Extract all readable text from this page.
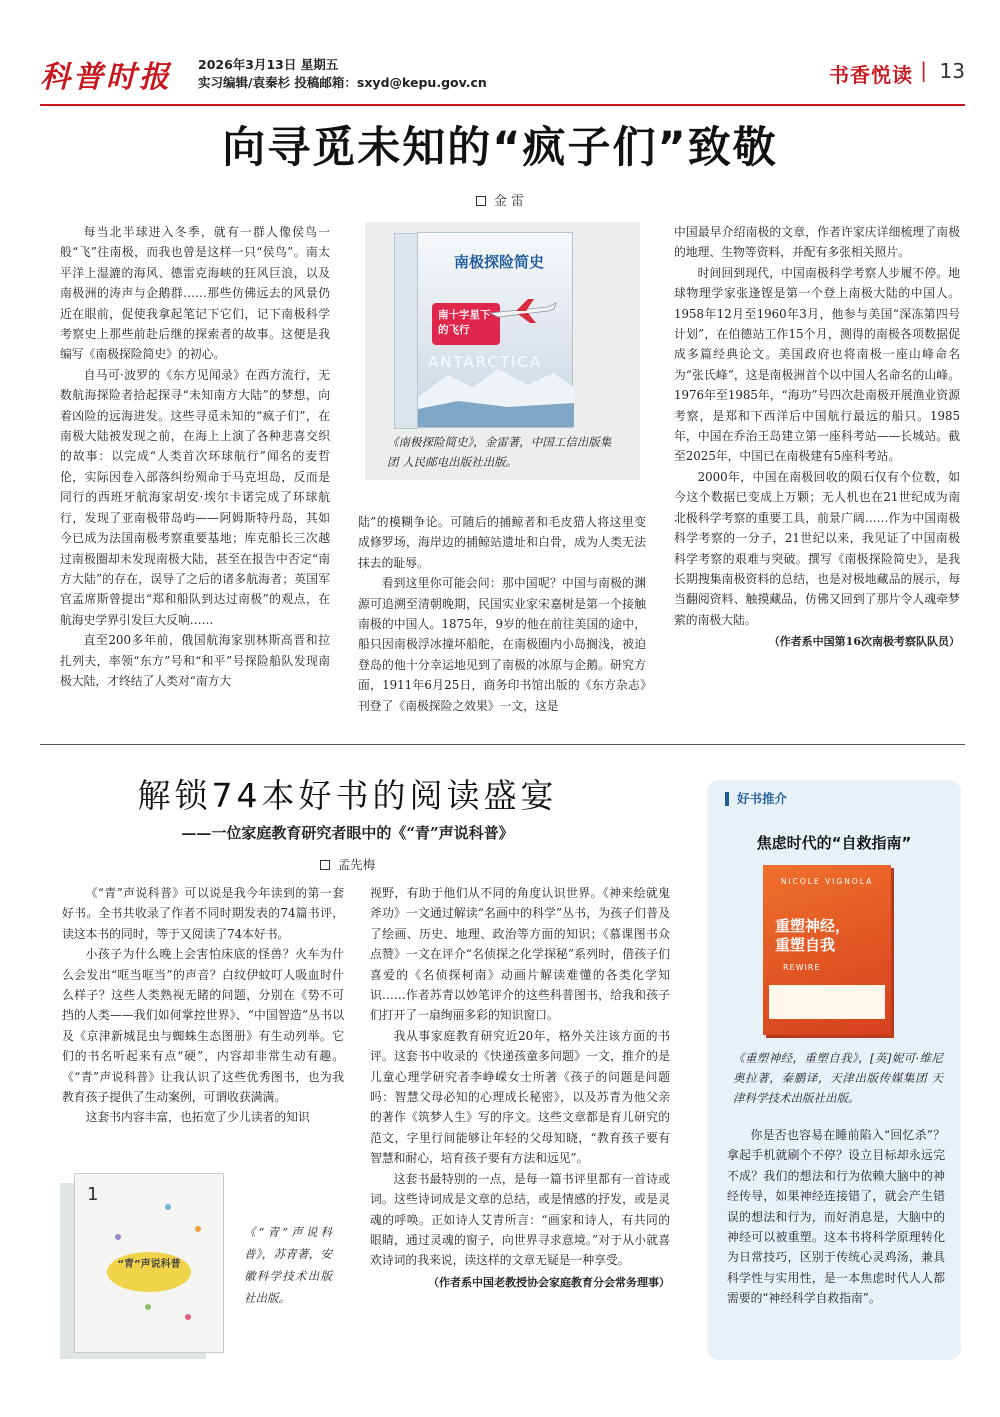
科普时报 2026年3月13日 星期五
实习编辑/袁秦杉 投稿邮箱：sxyd@kepu.gov.cn	书香悦读 | 13
向寻觅未知的“疯子们”致敬
金 雷

每当北半球进入冬季，就有一群人像侯鸟一般“飞”往南极，而我也曾是这样一只“侯鸟”。南太平洋上湿漉的海风、德雷克海峡的狂风巨浪，以及南极洲的涛声与企鹅群……那些仿佛远去的风景仍近在眼前，促使我拿起笔记下它们，记下南极科学考察史上那些前赴后继的探索者的故事。这便是我编写《南极探险简史》的初心。

自马可·波罗的《东方见闻录》在西方流行，无数航海探险者拾起探寻“未知南方大陆”的梦想，向着凶险的远海进发。这些寻觅未知的“疯子们”，在南极大陆被发现之前，在海上上演了各种悲喜交织的故事：以完成“人类首次环球航行”闻名的麦哲伦，实际因卷入部落纠纷殒命于马克坦岛，反而是同行的西班牙航海家胡安·埃尔卡诺完成了环球航行，发现了亚南极带岛屿——阿姆斯特丹岛，其如今已成为法国南极考察重要基地；库克船长三次越过南极圈却未发现南极大陆，甚至在报告中否定“南方大陆”的存在，误导了之后的诸多航海者；英国军官孟席斯曾提出“郑和船队到达过南极”的观点，在航海史学界引发巨大反响……

直至200多年前，俄国航海家别林斯高晋和拉扎列夫，率领“东方”号和“和平”号探险船队发现南极大陆，才终结了人类对“南方大

南极探险简史
南十字星下的飞行
ANTARCTICA
《南极探险简史》，金雷著，中国工信出版集团 人民邮电出版社出版。

陆”的模糊争论。可随后的捕鲸者和毛皮猎人将这里变成修罗场，海岸边的捕鲸站遗址和白骨，成为人类无法抹去的耻辱。

看到这里你可能会问：那中国呢？中国与南极的渊源可追溯至清朝晚期，民国实业家宋嘉树是第一个接触南极的中国人。1875年，9岁的他在前往美国的途中，船只因南极浮冰撞坏船舵，在南极圈内小岛搁浅，被迫登岛的他十分幸运地见到了南极的冰原与企鹅。研究方面，1911年6月25日，商务印书馆出版的《东方杂志》刊登了《南极探险之效果》一文，这是

中国最早介绍南极的文章，作者许家庆详细梳理了南极的地理、生物等资料，并配有多张相关照片。

时间回到现代，中国南极科学考察人步履不停。地球物理学家张逢铿是第一个登上南极大陆的中国人。1958年12月至1960年3月，他参与美国“深冻第四号计划”，在伯德站工作15个月，测得的南极各项数据促成多篇经典论文。美国政府也将南极一座山峰命名为“张氏峰”，这是南极洲首个以中国人名命名的山峰。1976年至1985年，“海功”号四次赴南极开展渔业资源考察，是郑和下西洋后中国航行最远的船只。1985年，中国在乔治王岛建立第一座科考站——长城站。截至2025年，中国已在南极建有5座科考站。

2000年，中国在南极回收的陨石仅有个位数，如今这个数据已变成上万颗；无人机也在21世纪成为南北极科学考察的重要工具，前景广阔……作为中国南极科学考察的一分子，21世纪以来，我见证了中国南极科学考察的艰难与突破。撰写《南极探险简史》，是我长期搜集南极资料的总结，也是对极地藏品的展示，每当翻阅资料、触摸藏品，仿佛又回到了那片令人魂牵梦萦的南极大陆。

（作者系中国第16次南极考察队队员）
解锁74本好书的阅读盛宴
——一位家庭教育研究者眼中的《“青”声说科普》
孟先梅

《“青”声说科普》可以说是我今年读到的第一套好书。全书共收录了作者不同时期发表的74篇书评，读这本书的同时，等于又阅读了74本好书。

小孩子为什么晚上会害怕床底的怪兽？火车为什么会发出“哐当哐当”的声音？白纹伊蚊叮人吸血时什么样子？这些人类熟视无睹的问题，分别在《势不可挡的人类——我们如何掌控世界》、“中国智造”丛书以及《京津新城昆虫与蜘蛛生态图册》有生动列举。它们的书名听起来有点“硬”，内容却非常生动有趣。《“青”声说科普》让我认识了这些优秀图书，也为我教育孩子提供了生动案例，可谓收获满满。

这套书内容丰富，也拓宽了少儿读者的知识

1
“青”声说科普
《“青”声说科普》，苏青著，安徽科学技术出版社出版。

视野，有助于他们从不同的角度认识世界。《神来绘就鬼斧功》一文通过解读“名画中的科学”丛书，为孩子们普及了绘画、历史、地理、政治等方面的知识；《慕课图书众点赞》一文在评介“名侦探之化学探秘”系列时，借孩子们喜爱的《名侦探柯南》动画片解读难懂的各类化学知识……作者苏青以妙笔评介的这些科普图书，给我和孩子们打开了一扇绚丽多彩的知识窗口。

我从事家庭教育研究近20年，格外关注该方面的书评。这套书中收录的《快递孩童多问题》一文，推介的是儿童心理学研究者李峥嵘女士所著《孩子的问题是问题吗：智慧父母必知的心理成长秘密》，以及苏青为他父亲的著作《筑梦人生》写的序文。这些文章都是育儿研究的范文，字里行间能够让年轻的父母知晓，“教育孩子要有智慧和耐心，培育孩子要有方法和远见”。

这套书最特别的一点，是每一篇书评里都有一首诗或词。这些诗词成是文章的总结，或是情感的抒发，或是灵魂的呼唤。正如诗人艾青所言：“画家和诗人，有共同的眼睛，通过灵魂的窗子，向世界寻求意境。”对于从小就喜欢诗词的我来说，读这样的文章无疑是一种享受。

（作者系中国老教授协会家庭教育分会常务理事）
好书推介
焦虑时代的“自救指南”
NICOLE VIGNOLA
重塑神经，
重塑自我
REWIRE
《重塑神经，重塑自我》，[英]妮可·维尼奥拉著，秦鹏译，天津出版传媒集团 天津科学技术出版社出版。
你是否也容易在睡前陷入“回忆杀”？拿起手机就刷个不停？设立目标却永远完不成？我们的想法和行为依赖大脑中的神经传导，如果神经连接错了，就会产生错误的想法和行为，而好消息是，大脑中的神经可以被重塑。这本书将科学原理转化为日常技巧，区别于传统心灵鸡汤，兼具科学性与实用性，是一本焦虑时代人人都需要的“神经科学自救指南”。
